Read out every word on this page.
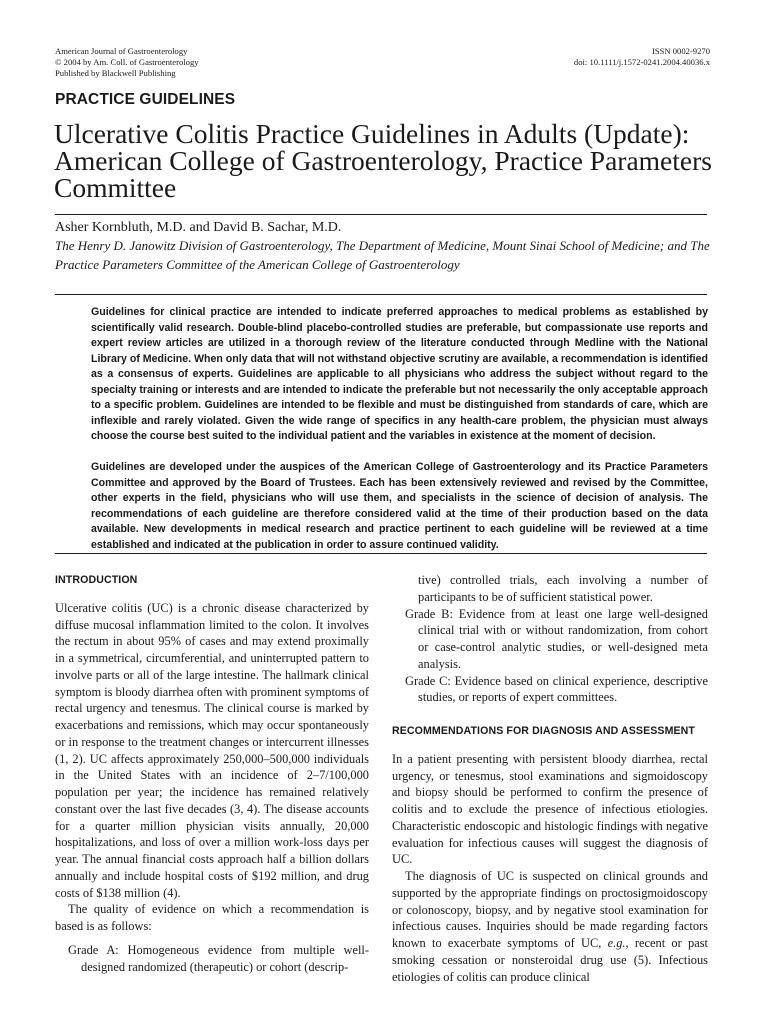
American Journal of Gastroenterology
© 2004 by Am. Coll. of Gastroenterology
Published by Blackwell Publishing
ISSN 0002-9270
doi: 10.1111/j.1572-0241.2004.40036.x
PRACTICE GUIDELINES
Ulcerative Colitis Practice Guidelines in Adults (Update): American College of Gastroenterology, Practice Parameters Committee
Asher Kornbluth, M.D. and David B. Sachar, M.D.
The Henry D. Janowitz Division of Gastroenterology, The Department of Medicine, Mount Sinai School of Medicine; and The Practice Parameters Committee of the American College of Gastroenterology

Guidelines for clinical practice are intended to indicate preferred approaches to medical problems as established by scientifically valid research. Double-blind placebo-controlled studies are preferable, but compassionate use reports and expert review articles are utilized in a thorough review of the literature conducted through Medline with the National Library of Medicine. When only data that will not withstand objective scrutiny are available, a recommendation is identified as a consensus of experts. Guidelines are applicable to all physicians who address the subject without regard to the specialty training or interests and are intended to indicate the preferable but not necessarily the only acceptable approach to a specific problem. Guidelines are intended to be flexible and must be distinguished from standards of care, which are inflexible and rarely violated. Given the wide range of specifics in any health-care problem, the physician must always choose the course best suited to the individual patient and the variables in existence at the moment of decision.

Guidelines are developed under the auspices of the American College of Gastroenterology and its Practice Parameters Committee and approved by the Board of Trustees. Each has been extensively reviewed and revised by the Committee, other experts in the field, physicians who will use them, and specialists in the science of decision of analysis. The recommendations of each guideline are therefore considered valid at the time of their production based on the data available. New developments in medical research and practice pertinent to each guideline will be reviewed at a time established and indicated at the publication in order to assure continued validity.

INTRODUCTION

Ulcerative colitis (UC) is a chronic disease characterized by diffuse mucosal inflammation limited to the colon. It involves the rectum in about 95% of cases and may extend proximally in a symmetrical, circumferential, and uninterrupted pattern to involve parts or all of the large intestine. The hallmark clinical symptom is bloody diarrhea often with prominent symptoms of rectal urgency and tenesmus. The clinical course is marked by exacerbations and remissions, which may occur spontaneously or in response to the treatment changes or intercurrent illnesses (1, 2). UC affects approximately 250,000–500,000 individuals in the United States with an incidence of 2–7/100,000 population per year; the incidence has remained relatively constant over the last five decades (3, 4). The disease accounts for a quarter million physician visits annually, 20,000 hospitalizations, and loss of over a million work-loss days per year. The annual financial costs approach half a billion dollars annually and include hospital costs of $192 million, and drug costs of $138 million (4).

The quality of evidence on which a recommendation is based is as follows:

Grade A: Homogeneous evidence from multiple well-designed randomized (therapeutic) or cohort (descrip-

tive) controlled trials, each involving a number of participants to be of sufficient statistical power.

Grade B: Evidence from at least one large well-designed clinical trial with or without randomization, from cohort or case-control analytic studies, or well-designed meta analysis.

Grade C: Evidence based on clinical experience, descriptive studies, or reports of expert committees.

RECOMMENDATIONS FOR DIAGNOSIS AND ASSESSMENT

In a patient presenting with persistent bloody diarrhea, rectal urgency, or tenesmus, stool examinations and sigmoidoscopy and biopsy should be performed to confirm the presence of colitis and to exclude the presence of infectious etiologies. Characteristic endoscopic and histologic findings with negative evaluation for infectious causes will suggest the diagnosis of UC.

The diagnosis of UC is suspected on clinical grounds and supported by the appropriate findings on proctosigmoidoscopy or colonoscopy, biopsy, and by negative stool examination for infectious causes. Inquiries should be made regarding factors known to exacerbate symptoms of UC, e.g., recent or past smoking cessation or nonsteroidal drug use (5). Infectious etiologies of colitis can produce clinical
